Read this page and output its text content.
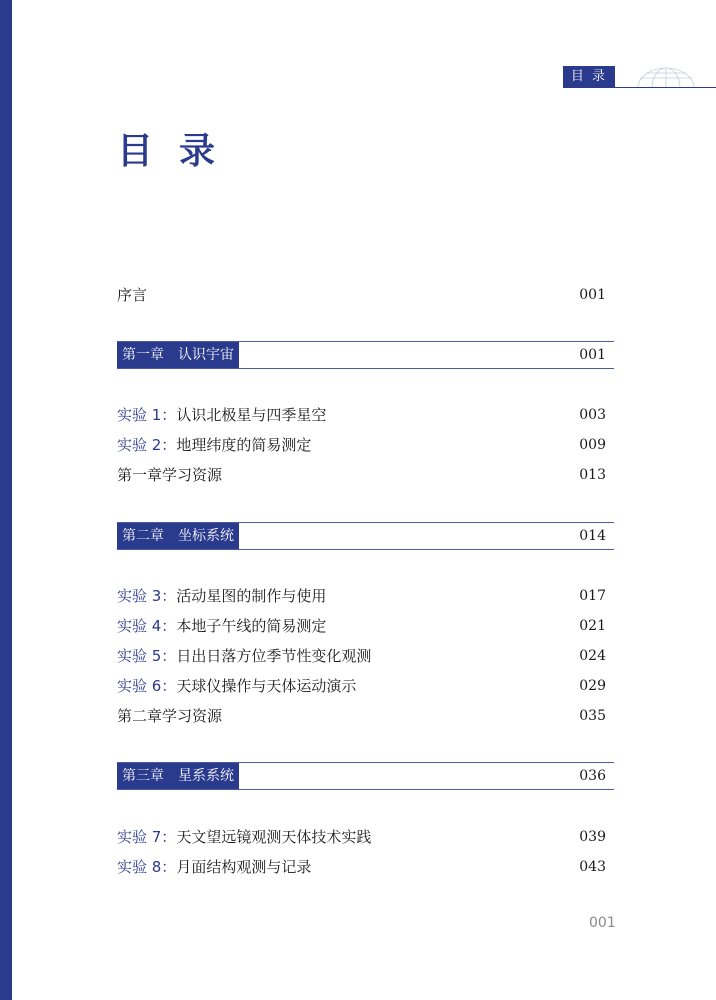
目 录
目录
序言	001
第一章　认识宇宙	001
实验 1：认识北极星与四季星空	003
实验 2：地理纬度的简易测定	009
第一章学习资源	013
第二章　坐标系统	014
实验 3：活动星图的制作与使用	017
实验 4：本地子午线的简易测定	021
实验 5：日出日落方位季节性变化观测	024
实验 6：天球仪操作与天体运动演示	029
第二章学习资源	035
第三章　星系系统	036
实验 7：天文望远镜观测天体技术实践	039
实验 8：月面结构观测与记录	043
001
